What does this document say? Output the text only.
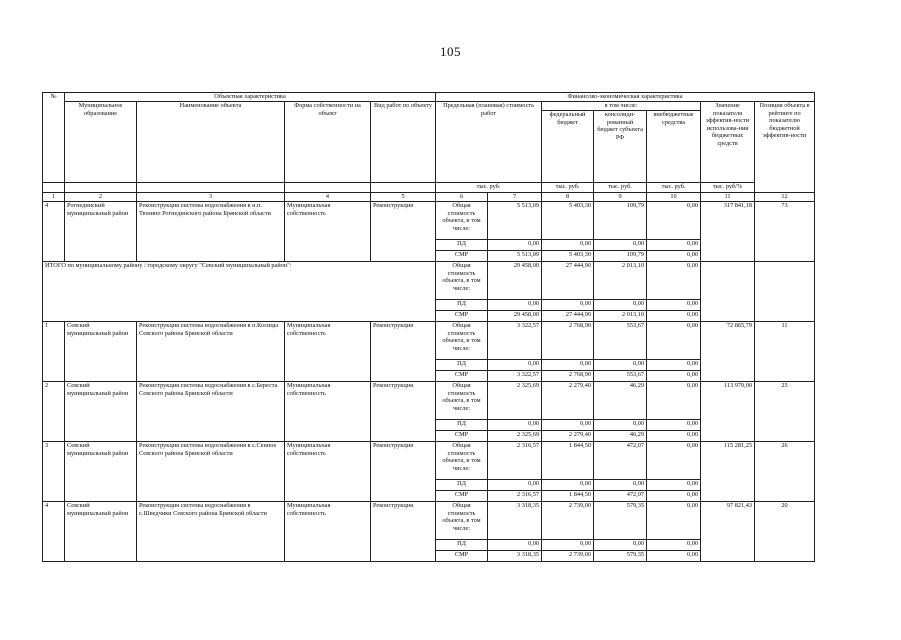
105
№	Объектная характеристика				Финансово-экономическая характеристика						
	Муниципальное образование	Наименование объекта	Форма собственности на объект	Вид работ по объекту	Предельная (плановая) стоимость работ		в том числе:			Значение показателя эффектив-ности использова-ния бюджетных средств	Позиция объекта в рейтинге по показателю бюджетной эффектив-ности
							федеральный бюджет	консолиди-рованный бюджет субъекта РФ	внебюджетные средства		
					тыс. руб.		тыс. руб.	тыс. руб.	тыс. руб.	тыс. руб/%	
1	2	3	4	5	6	7	8	9	10	11	12
4	Рогнединский муниципальный район	Реконструкция системы водоснабжения в н.п. Тюнино Рогнединского района Брянской области	Муниципальная собственность	Реконструкция	Общая стоимость объекта, в том числе:	5 513,09	5 403,30	109,79	0,00	317 841,18	73
					ПД	0,00	0,00	0,00	0,00		
					СМР	5 513,09	5 403,30	109,79	0,00		
ИТОГО по муниципальному району / городскому округу "Севский муниципальный район":					Общая стоимость объекта, в том числе:	29 458,00	27 444,90	2 013,10	0,00		
					ПД	0,00	0,00	0,00	0,00		
					СМР	29 458,00	27 444,90	2 013,10	0,00		
1	Севский муниципальный район	Реконструкция системы водоснабжения в п.Косицы Севского района Брянской области	Муниципальная собственность	Реконструкция	Общая стоимость объекта, в том числе:	3 322,57	2 768,90	553,67	0,00	72 865,79	11
					ПД	0,00	0,00	0,00	0,00		
					СМР	3 322,57	2 768,90	553,67	0,00		
2	Севский муниципальный район	Реконструкция системы водоснабжения в с.Береста Севского района Брянской области	Муниципальная собственность	Реконструкция	Общая стоимость объекта, в том числе:	2 325,69	2 279,40	46,29	0,00	113 970,00	25
					ПД	0,00	0,00	0,00	0,00		
					СМР	2 325,69	2 279,40	46,29	0,00		
3	Севский муниципальный район	Реконструкция системы водоснабжения в с.Сенное Севского района Брянской области	Муниципальная собственность	Реконструкция	Общая стоимость объекта, в том числе:	2 316,57	1 844,50	472,07	0,00	115 281,25	26
					ПД	0,00	0,00	0,00	0,00		
					СМР	2 316,57	1 844,50	472,07	0,00		
4	Севский муниципальный район	Реконструкция системы водоснабжения в с.Шведчики Севского района Брянской области	Муниципальная собственность	Реконструкция	Общая стоимость объекта, в том числе:	3 318,35	2 739,00	579,35	0,00	97 821,43	20
					ПД	0,00	0,00	0,00	0,00		
					СМР	3 318,35	2 739,00	579,35	0,00		
